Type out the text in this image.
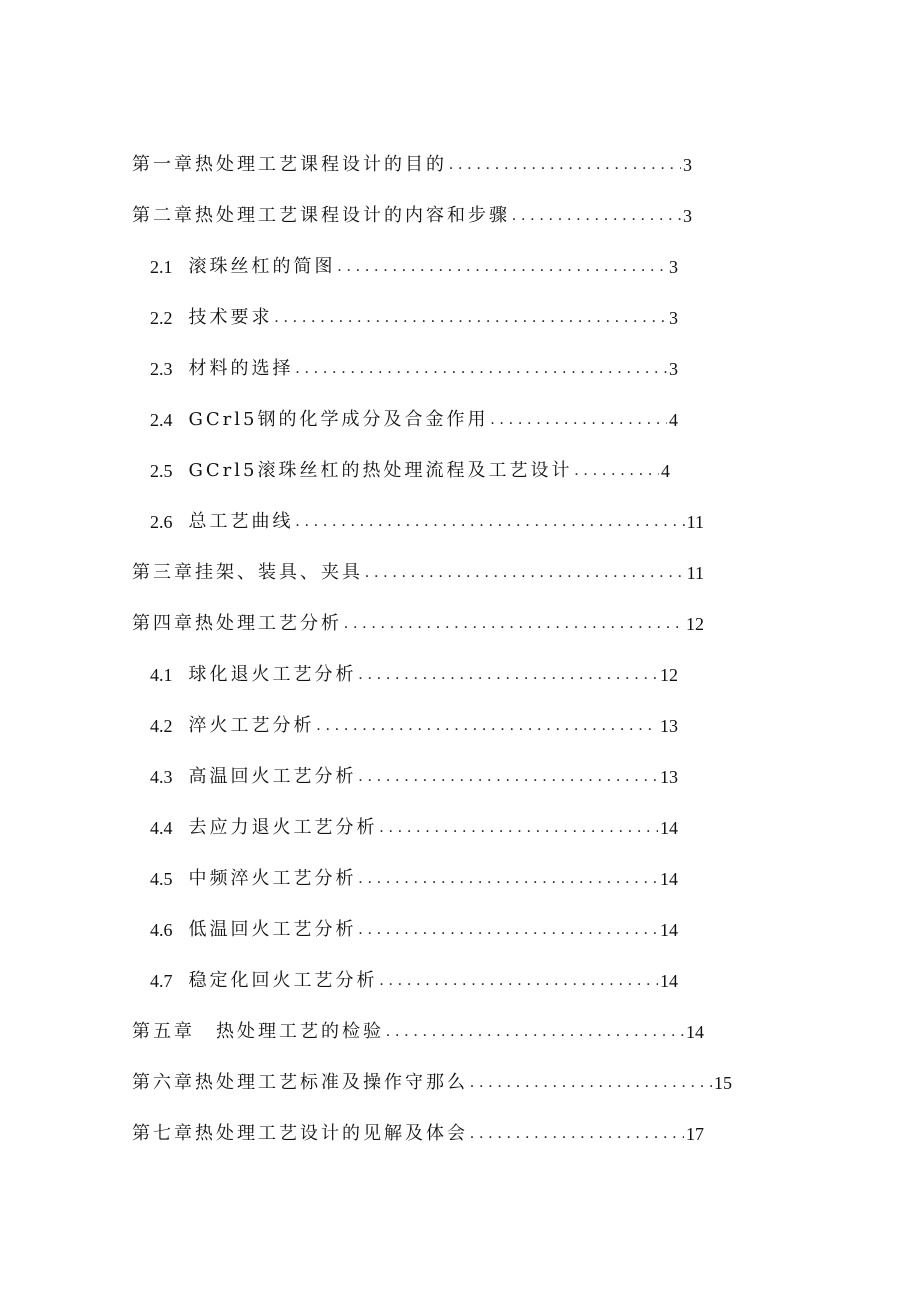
第一章热处理工艺课程设计的目的 .....	3
第二章热处理工艺课程设计的内容和步骤 .....	3
2.1 滚珠丝杠的简图 .....	3
2.2 技术要求 .....	3
2.3 材料的选择 .....	3
2.4 GCrl5钢的化学成分及合金作用 .....	4
2.5 GCrl5滚珠丝杠的热处理流程及工艺设计 .....	4
2.6 总工艺曲线 .....	11
第三章挂架、装具、夹具 .....	11
第四章热处理工艺分析 .....	12
4.1 球化退火工艺分析 .....	12
4.2 淬火工艺分析 .....	13
4.3 高温回火工艺分析 .....	13
4.4 去应力退火工艺分析 .....	14
4.5 中频淬火工艺分析 .....	14
4.6 低温回火工艺分析 .....	14
4.7 稳定化回火工艺分析 .....	14
第五章　热处理工艺的检验 .....	14
第六章热处理工艺标准及操作守那么 .....	15
第七章热处理工艺设计的见解及体会 .....	17
